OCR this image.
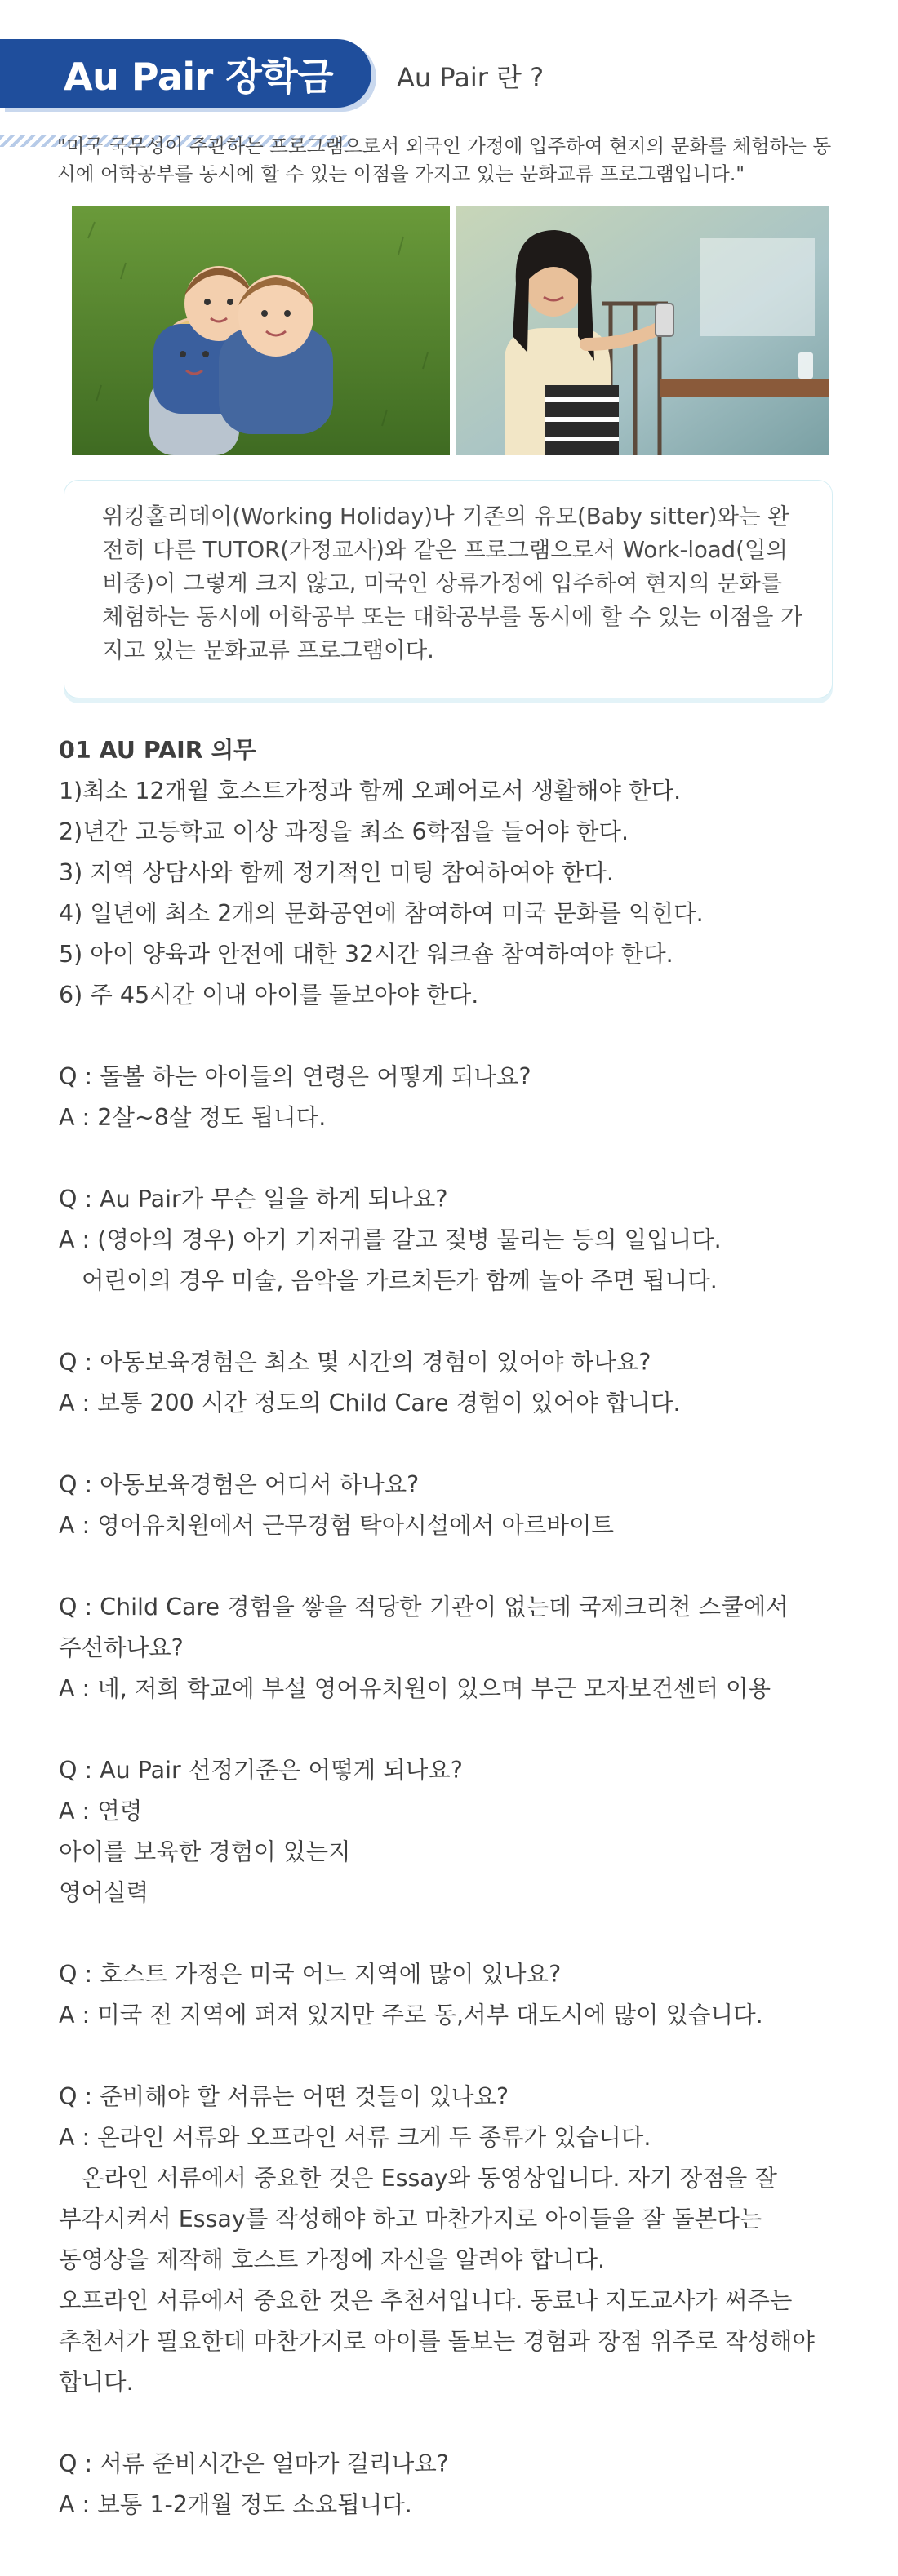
Au Pair 장학금 Au Pair 란 ?
"미국 국무성이 주관하는 프로그램으로서 외국인 가정에 입주하여 현지의 문화를 체험하는 동시에 어학공부를 동시에 할 수 있는 이점을 가지고 있는 문화교류 프로그램입니다."

위킹홀리데이(Working Holiday)나 기존의 유모(Baby sitter)와는 완전히 다른 TUTOR(가정교사)와 같은 프로그램으로서 Work-load(일의 비중)이 그렇게 크지 않고, 미국인 상류가정에 입주하여 현지의 문화를 체험하는 동시에 어학공부 또는 대학공부를 동시에 할 수 있는 이점을 가지고 있는 문화교류 프로그램이다.

01 AU PAIR 의무
1)최소 12개월 호스트가정과 함께 오페어로서 생활해야 한다.
2)년간 고등학교 이상 과정을 최소 6학점을 들어야 한다.
3) 지역 상담사와 함께 정기적인 미팅 참여하여야 한다.
4) 일년에 최소 2개의 문화공연에 참여하여 미국 문화를 익힌다.
5) 아이 양육과 안전에 대한 32시간 워크숍 참여하여야 한다.
6) 주 45시간 이내 아이를 돌보아야 한다.
Q : 돌볼 하는 아이들의 연령은 어떻게 되나요?
A : 2살~8살 정도 됩니다.
Q : Au Pair가 무슨 일을 하게 되나요?
A : (영아의 경우) 아기 기저귀를 갈고 젖병 물리는 등의 일입니다.
어린이의 경우 미술, 음악을 가르치든가 함께 놀아 주면 됩니다.
Q : 아동보육경험은 최소 몇 시간의 경험이 있어야 하나요?
A : 보통 200 시간 정도의 Child Care 경험이 있어야 합니다.
Q : 아동보육경험은 어디서 하나요?
A : 영어유치원에서 근무경험 탁아시설에서 아르바이트
Q : Child Care 경험을 쌓을 적당한 기관이 없는데 국제크리천 스쿨에서
주선하나요?
A : 네, 저희 학교에 부설 영어유치원이 있으며 부근 모자보건센터 이용
Q : Au Pair 선정기준은 어떻게 되나요?
A : 연령
아이를 보육한 경험이 있는지
영어실력
Q : 호스트 가정은 미국 어느 지역에 많이 있나요?
A : 미국 전 지역에 퍼져 있지만 주로 동,서부 대도시에 많이 있습니다.
Q : 준비해야 할 서류는 어떤 것들이 있나요?
A : 온라인 서류와 오프라인 서류 크게 두 종류가 있습니다.
온라인 서류에서 중요한 것은 Essay와 동영상입니다. 자기 장점을 잘
부각시켜서 Essay를 작성해야 하고 마찬가지로 아이들을 잘 돌본다는
동영상을 제작해 호스트 가정에 자신을 알려야 합니다.
오프라인 서류에서 중요한 것은 추천서입니다. 동료나 지도교사가 써주는
추천서가 필요한데 마찬가지로 아이를 돌보는 경험과 장점 위주로 작성해야
합니다.
Q : 서류 준비시간은 얼마가 걸리나요?
A : 보통 1-2개월 정도 소요됩니다.
